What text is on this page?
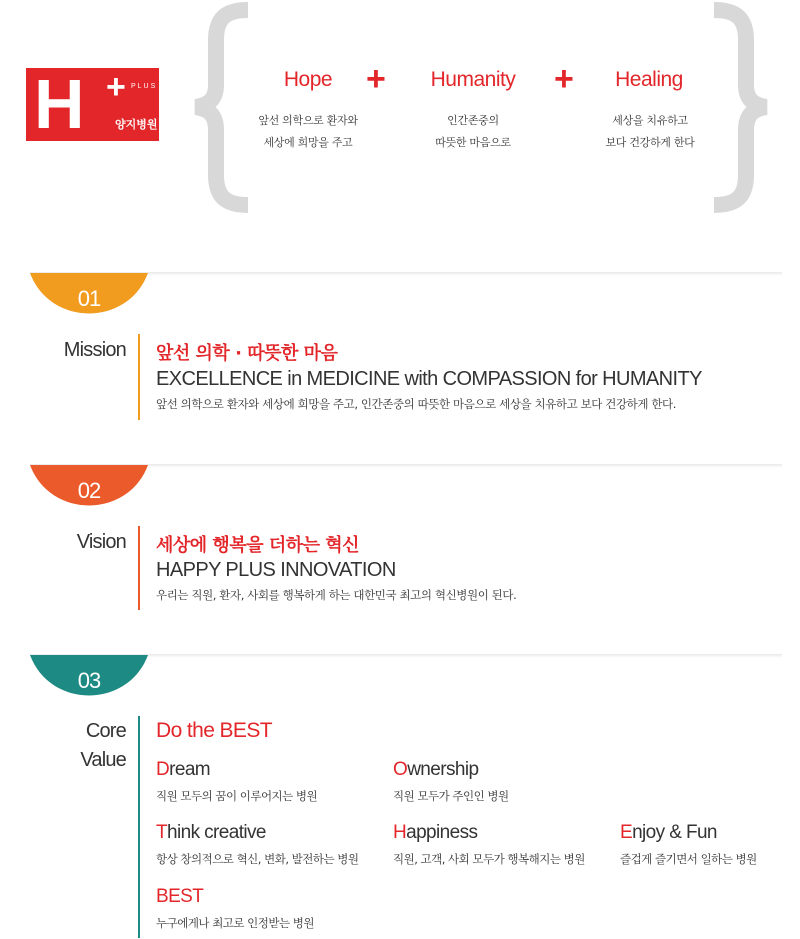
H + PLUS
양지병원
Hope
앞선 의학으로 환자와
세상에 희망을 주고
+	Humanity
인간존중의
따뜻한 마음으로
+	Healing
세상을 치유하고
보다 건강하게 한다
01
Mission 앞선 의학 · 따뜻한 마음
EXCELLENCE in MEDICINE with COMPASSION for HUMANITY
앞선 의학으로 환자와 세상에 희망을 주고, 인간존중의 따뜻한 마음으로 세상을 치유하고 보다 건강하게 한다.
02
Vision 세상에 행복을 더하는 혁신
HAPPY PLUS INNOVATION
우리는 직원, 환자, 사회를 행복하게 하는 대한민국 최고의 혁신병원이 된다.
03
Core
Value
Do the BEST
Dream
직원 모두의 꿈이 이루어지는 병원
Ownership
직원 모두가 주인인 병원
Think creative
항상 창의적으로 혁신, 변화, 발전하는 병원
Happiness
직원, 고객, 사회 모두가 행복해지는 병원
Enjoy & Fun
즐겁게 즐기면서 일하는 병원
BEST
누구에게나 최고로 인정받는 병원
